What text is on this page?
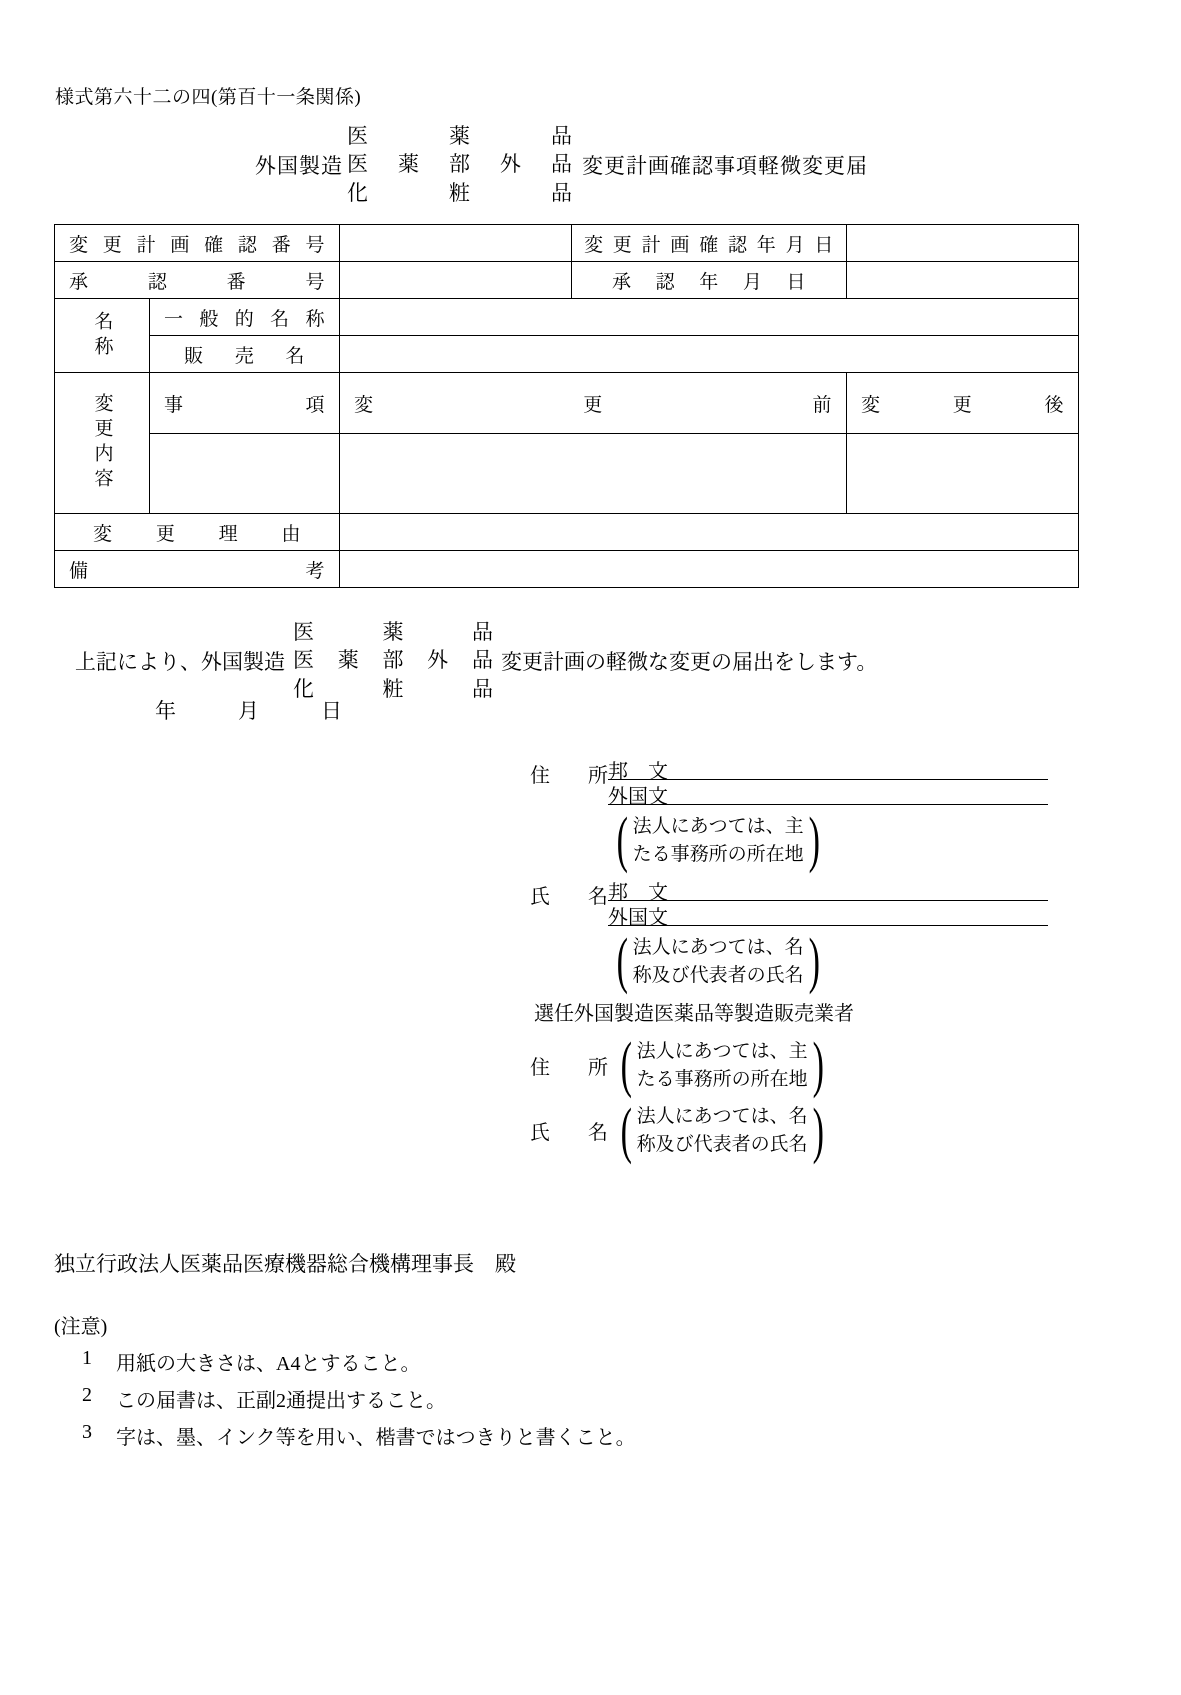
様式第六十二の四(第百十一条関係)
外国製造
医	薬	品
医 薬 部 外 品
化	粧	品
変更計画確認事項軽微変更届
変 更 計 画 確 認 番 号		変 更 計 画 確 認 年 月 日

承 認 番 号			承 認 年 月 日	

名称	一 般 的 名 称			

	販 売 名			

変更内容	事 項	変 更 前		変 更 後

変 更 理 由				

備 考				

上記により、外国製造
医	薬	品
医 薬 部 外 品
化	粧	品
変更計画の軽微な変更の届出をします。
年	月	日
住 所 邦　文
外国文
( 法人にあつては、主
たる事務所の所在地 )
氏 名 邦　文
外国文
( 法人にあつては、名
称及び代表者の氏名 )
選任外国製造医薬品等製造販売業者
住 所 ( 法人にあつては、主
たる事務所の所在地 )
氏 名 ( 法人にあつては、名
称及び代表者の氏名 )
独立行政法人医薬品医療機器総合機構理事長　殿
(注意)
1	用紙の大きさは、A4とすること。
2	この届書は、正副2通提出すること。
3	字は、墨、インク等を用い、楷書ではつきりと書くこと。
